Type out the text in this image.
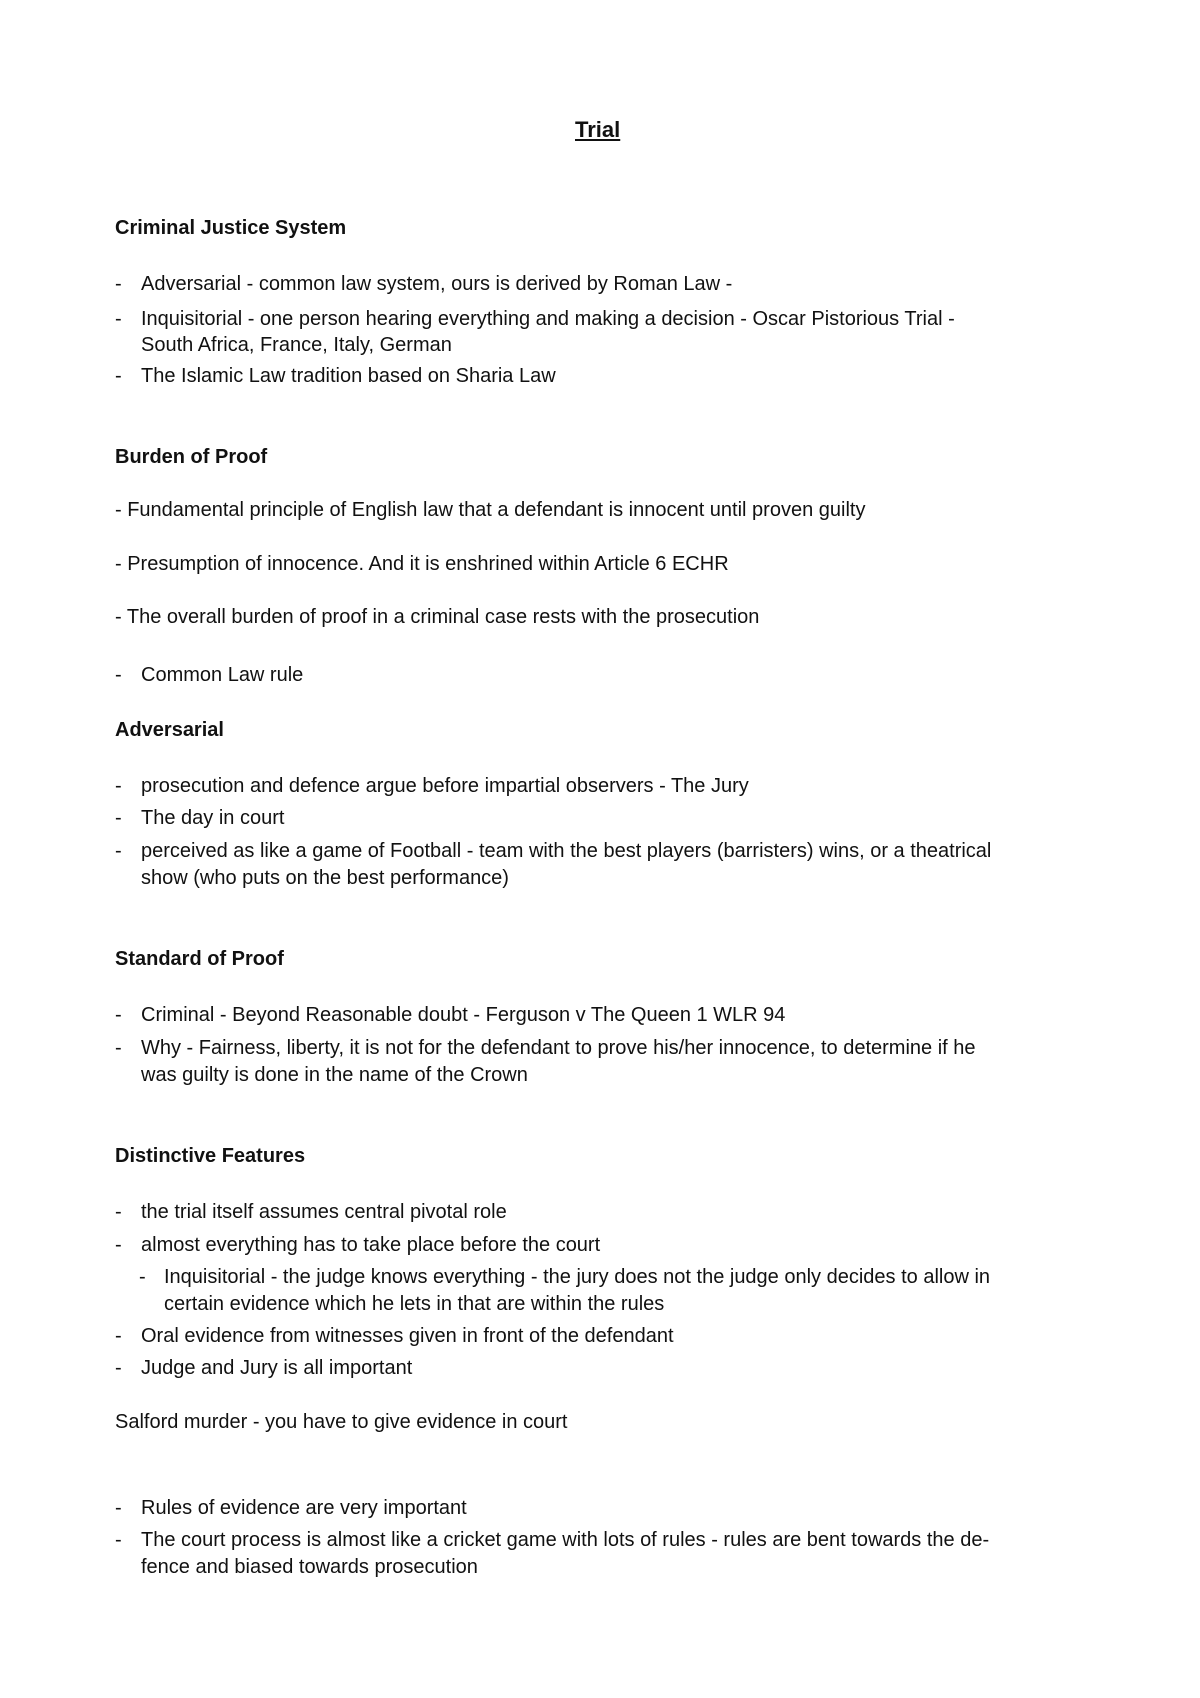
Trial
Criminal Justice System
- Adversarial - common law system, ours is derived by Roman Law -
- Inquisitorial - one person hearing everything and making a decision - Oscar Pistorious Trial -
South Africa, France, Italy, German
- The Islamic Law tradition based on Sharia Law
Burden of Proof
- Fundamental principle of English law that a defendant is innocent until proven guilty
- Presumption of innocence. And it is enshrined within Article 6 ECHR
- The overall burden of proof in a criminal case rests with the prosecution
- Common Law rule
Adversarial
- prosecution and defence argue before impartial observers - The Jury
- The day in court
- perceived as like a game of Football - team with the best players (barristers) wins, or a theatrical
show (who puts on the best performance)
Standard of Proof
- Criminal - Beyond Reasonable doubt - Ferguson v The Queen 1 WLR 94
- Why - Fairness, liberty, it is not for the defendant to prove his/her innocence, to determine if he
was guilty is done in the name of the Crown
Distinctive Features
- the trial itself assumes central pivotal role
- almost everything has to take place before the court
- Inquisitorial - the judge knows everything - the jury does not the judge only decides to allow in
certain evidence which he lets in that are within the rules
- Oral evidence from witnesses given in front of the defendant
- Judge and Jury is all important
Salford murder - you have to give evidence in court
- Rules of evidence are very important
- The court process is almost like a cricket game with lots of rules - rules are bent towards the de-
fence and biased towards prosecution
